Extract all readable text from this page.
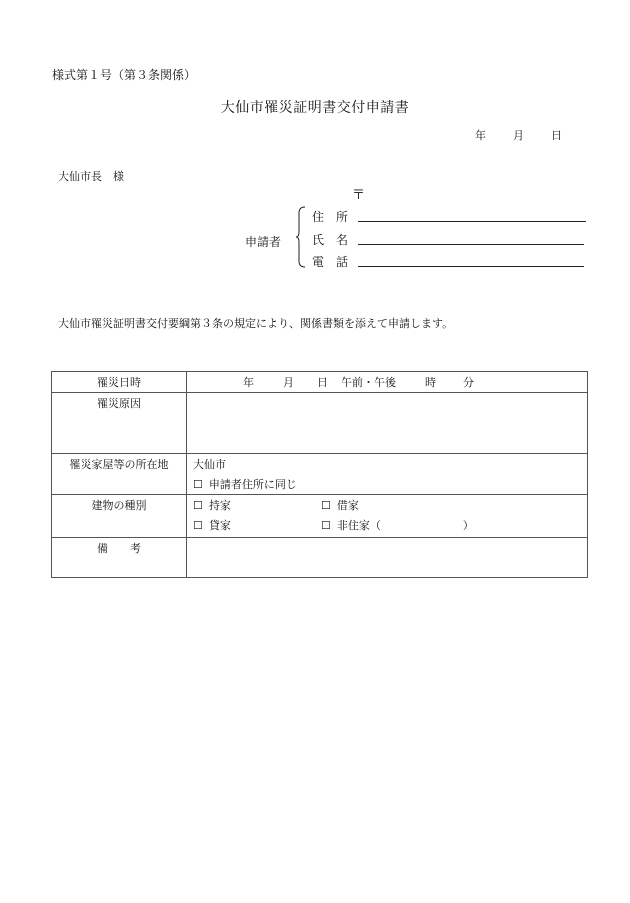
様式第１号（第３条関係）
大仙市罹災証明書交付申請書
年 月 日
大仙市長　様
〒
申請者
住　所
氏　名
電　話
大仙市罹災証明書交付要綱第３条の規定により、関係書類を添えて申請します。
罹災日時	年 月 日 午前・午後 時 分

罹災原因	

罹災家屋等の所在地	大仙市
☐ 申請者住所に同じ

建物の種別	☐ 持家 ☐ 借家
☐ 貸家 ☐ 非住家（ ）

備　　考	
